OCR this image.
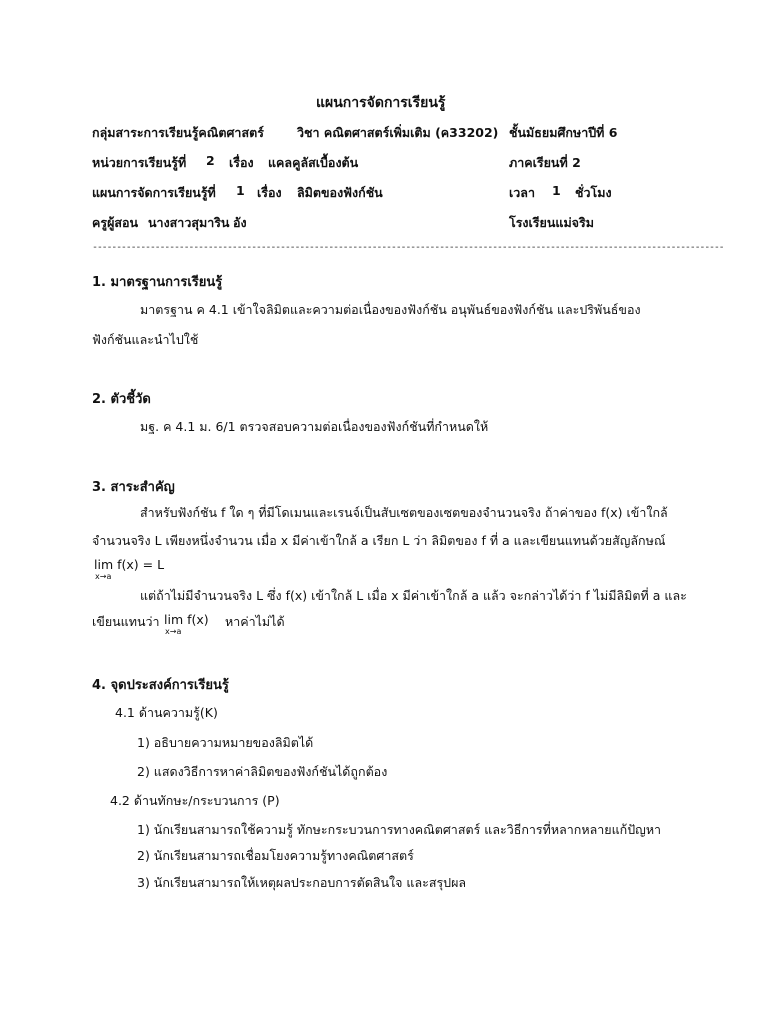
แผนการจัดการเรียนรู้
กลุ่มสาระการเรียนรู้คณิตศาสตร์	วิชา คณิตศาสตร์เพิ่มเติม (ค33202) ชั้นมัธยมศึกษาปีที่ 6
หน่วยการเรียนรู้ที่ 2 เรื่อง แคลคูลัสเบื้องต้น	ภาคเรียนที่ 2
แผนการจัดการเรียนรู้ที่ 1 เรื่อง ลิมิตของฟังก์ชัน	เวลา 1 ชั่วโมง
ครูผู้สอน นางสาวสุมาริน อัง	โรงเรียนแม่จริม
-----------------------------------------------------------------------------------------------------------------------------------
1. มาตรฐานการเรียนรู้
มาตรฐาน ค 4.1 เข้าใจลิมิตและความต่อเนื่องของฟังก์ชัน อนุพันธ์ของฟังก์ชัน และปริพันธ์ของ
ฟังก์ชันและนำไปใช้
2. ตัวชี้วัด
มฐ. ค 4.1 ม. 6/1 ตรวจสอบความต่อเนื่องของฟังก์ชันที่กำหนดให้
3. สาระสำคัญ
สำหรับฟังก์ชัน f ใด ๆ ที่มีโดเมนและเรนจ์เป็นสับเซตของเซตของจำนวนจริง ถ้าค่าของ f(x) เข้าใกล้
จำนวนจริง L เพียงหนึ่งจำนวน เมื่อ x มีค่าเข้าใกล้ a เรียก L ว่า ลิมิตของ f ที่ a และเขียนแทนด้วยสัญลักษณ์
lim f(x) = L
x→a
แต่ถ้าไม่มีจำนวนจริง L ซึ่ง f(x) เข้าใกล้ L เมื่อ x มีค่าเข้าใกล้ a แล้ว จะกล่าวได้ว่า f ไม่มีลิมิตที่ a และ
เขียนแทนว่า lim f(x)
x→a
หาค่าไม่ได้
4. จุดประสงค์การเรียนรู้
4.1 ด้านความรู้(K)
1) อธิบายความหมายของลิมิตได้
2) แสดงวิธีการหาค่าลิมิตของฟังก์ชันได้ถูกต้อง
4.2 ด้านทักษะ/กระบวนการ (P)
1) นักเรียนสามารถใช้ความรู้ ทักษะกระบวนการทางคณิตศาสตร์ และวิธีการที่หลากหลายแก้ปัญหา
2) นักเรียนสามารถเชื่อมโยงความรู้ทางคณิตศาสตร์
3) นักเรียนสามารถให้เหตุผลประกอบการตัดสินใจ และสรุปผล
